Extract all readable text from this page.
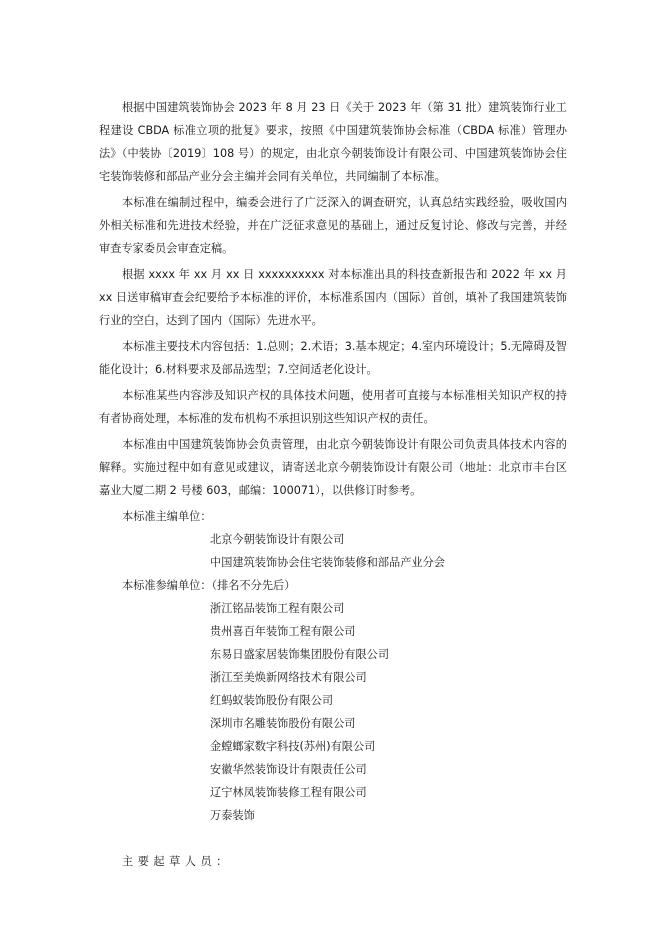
根据中国建筑装饰协会 2023 年 8 月 23 日《关于 2023 年（第 31 批）建筑装饰行业工程建设 CBDA 标准立项的批复》要求，按照《中国建筑装饰协会标准（CBDA 标准）管理办法》（中装协〔2019〕108 号）的规定，由北京今朝装饰设计有限公司、中国建筑装饰协会住宅装饰装修和部品产业分会主编并会同有关单位，共同编制了本标准。

本标准在编制过程中，编委会进行了广泛深入的调查研究，认真总结实践经验，吸收国内外相关标准和先进技术经验，并在广泛征求意见的基础上，通过反复讨论、修改与完善，并经审查专家委员会审查定稿。

根据 xxxx 年 xx 月 xx 日 xxxxxxxxxx 对本标准出具的科技查新报告和 2022 年 xx 月 xx 日送审稿审查会纪要给予本标准的评价，本标准系国内（国际）首创，填补了我国建筑装饰行业的空白，达到了国内（国际）先进水平。

本标准主要技术内容包括：1.总则；2.术语；3.基本规定；4.室内环境设计；5.无障碍及智能化设计；6.材料要求及部品选型；7.空间适老化设计。

本标准某些内容涉及知识产权的具体技术问题，使用者可直接与本标准相关知识产权的持有者协商处理，本标准的发布机构不承担识别这些知识产权的责任。

本标准由中国建筑装饰协会负责管理，由北京今朝装饰设计有限公司负责具体技术内容的解释。实施过程中如有意见或建议，请寄送北京今朝装饰设计有限公司（地址：北京市丰台区嘉业大厦二期 2 号楼 603，邮编：100071），以供修订时参考。

本标准主编单位：

北京今朝装饰设计有限公司
中国建筑装饰协会住宅装饰装修和部品产业分会

本标准参编单位：（排名不分先后）

浙江铭品装饰工程有限公司
贵州喜百年装饰工程有限公司
东易日盛家居装饰集团股份有限公司
浙江至美焕新网络技术有限公司
红蚂蚁装饰股份有限公司
深圳市名雕装饰股份有限公司
金螳螂家数字科技(苏州)有限公司
安徽华然装饰设计有限责任公司
辽宁林凤装饰装修工程有限公司
万泰装饰

主要起草人员：
